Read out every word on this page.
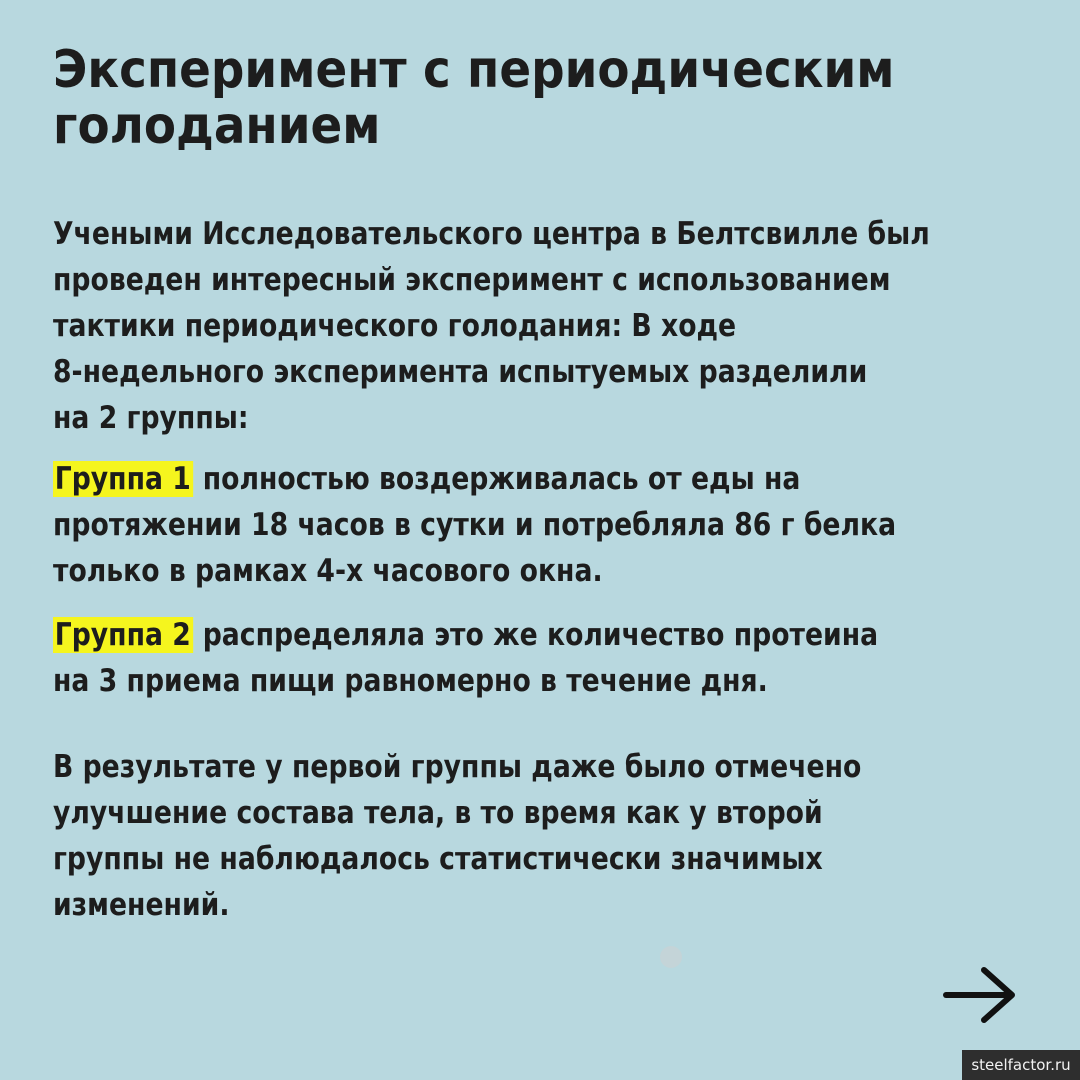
Эксперимент с периодическим
голоданием

Учеными Исследовательского центра в Белтсвилле был
проведен интересный эксперимент с использованием
тактики периодического голодания: В ходе
8-недельного эксперимента испытуемых разделили
на 2 группы:

Группа 1 полностью воздерживалась от еды на
протяжении 18 часов в сутки и потребляла 86 г белка
только в рамках 4-х часового окна.

Группа 2 распределяла это же количество протеина
на 3 приема пищи равномерно в течение дня.

В результате у первой группы даже было отмечено
улучшение состава тела, в то время как у второй
группы не наблюдалось статистически значимых
изменений.

steelfactor.ru
